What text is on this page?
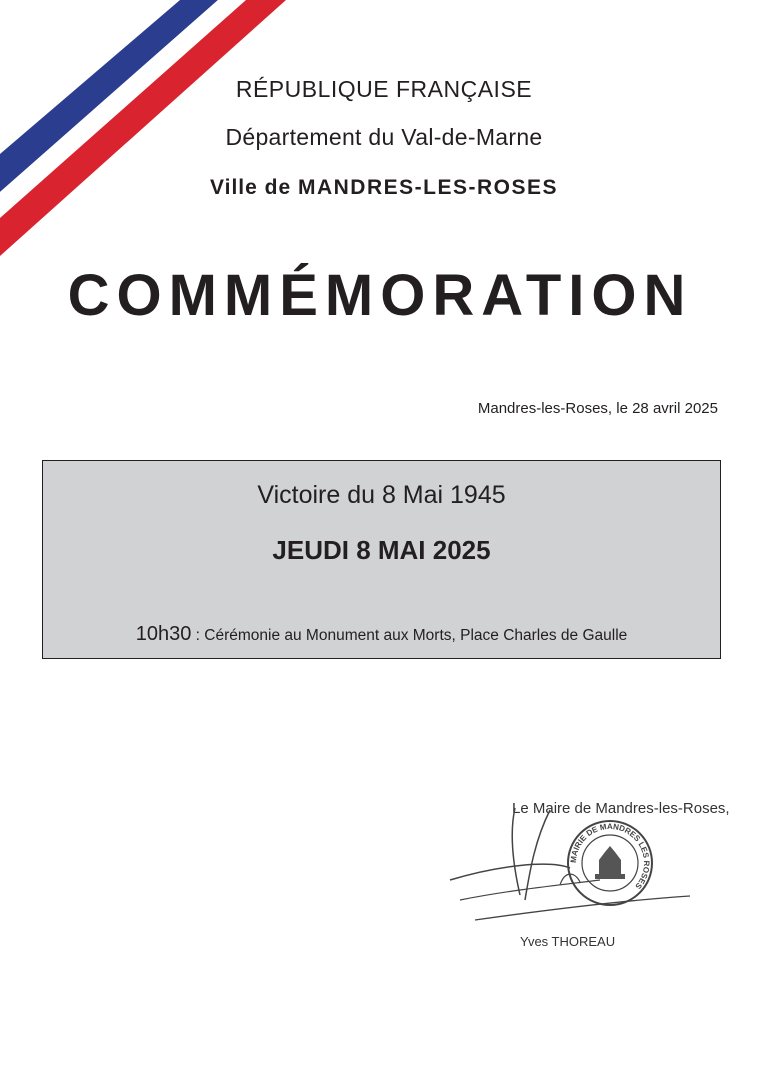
RÉPUBLIQUE FRANÇAISE
Département du Val-de-Marne
Ville de MANDRES-LES-ROSES
COMMÉMORATION
Mandres-les-Roses, le 28 avril 2025
Victoire du 8 Mai 1945
JEUDI 8 MAI 2025
10h30 : Cérémonie au Monument aux Morts, Place Charles de Gaulle
Le Maire de Mandres-les-Roses,
MAIRIE DE MANDRES LES ROSES
Yves THOREAU
